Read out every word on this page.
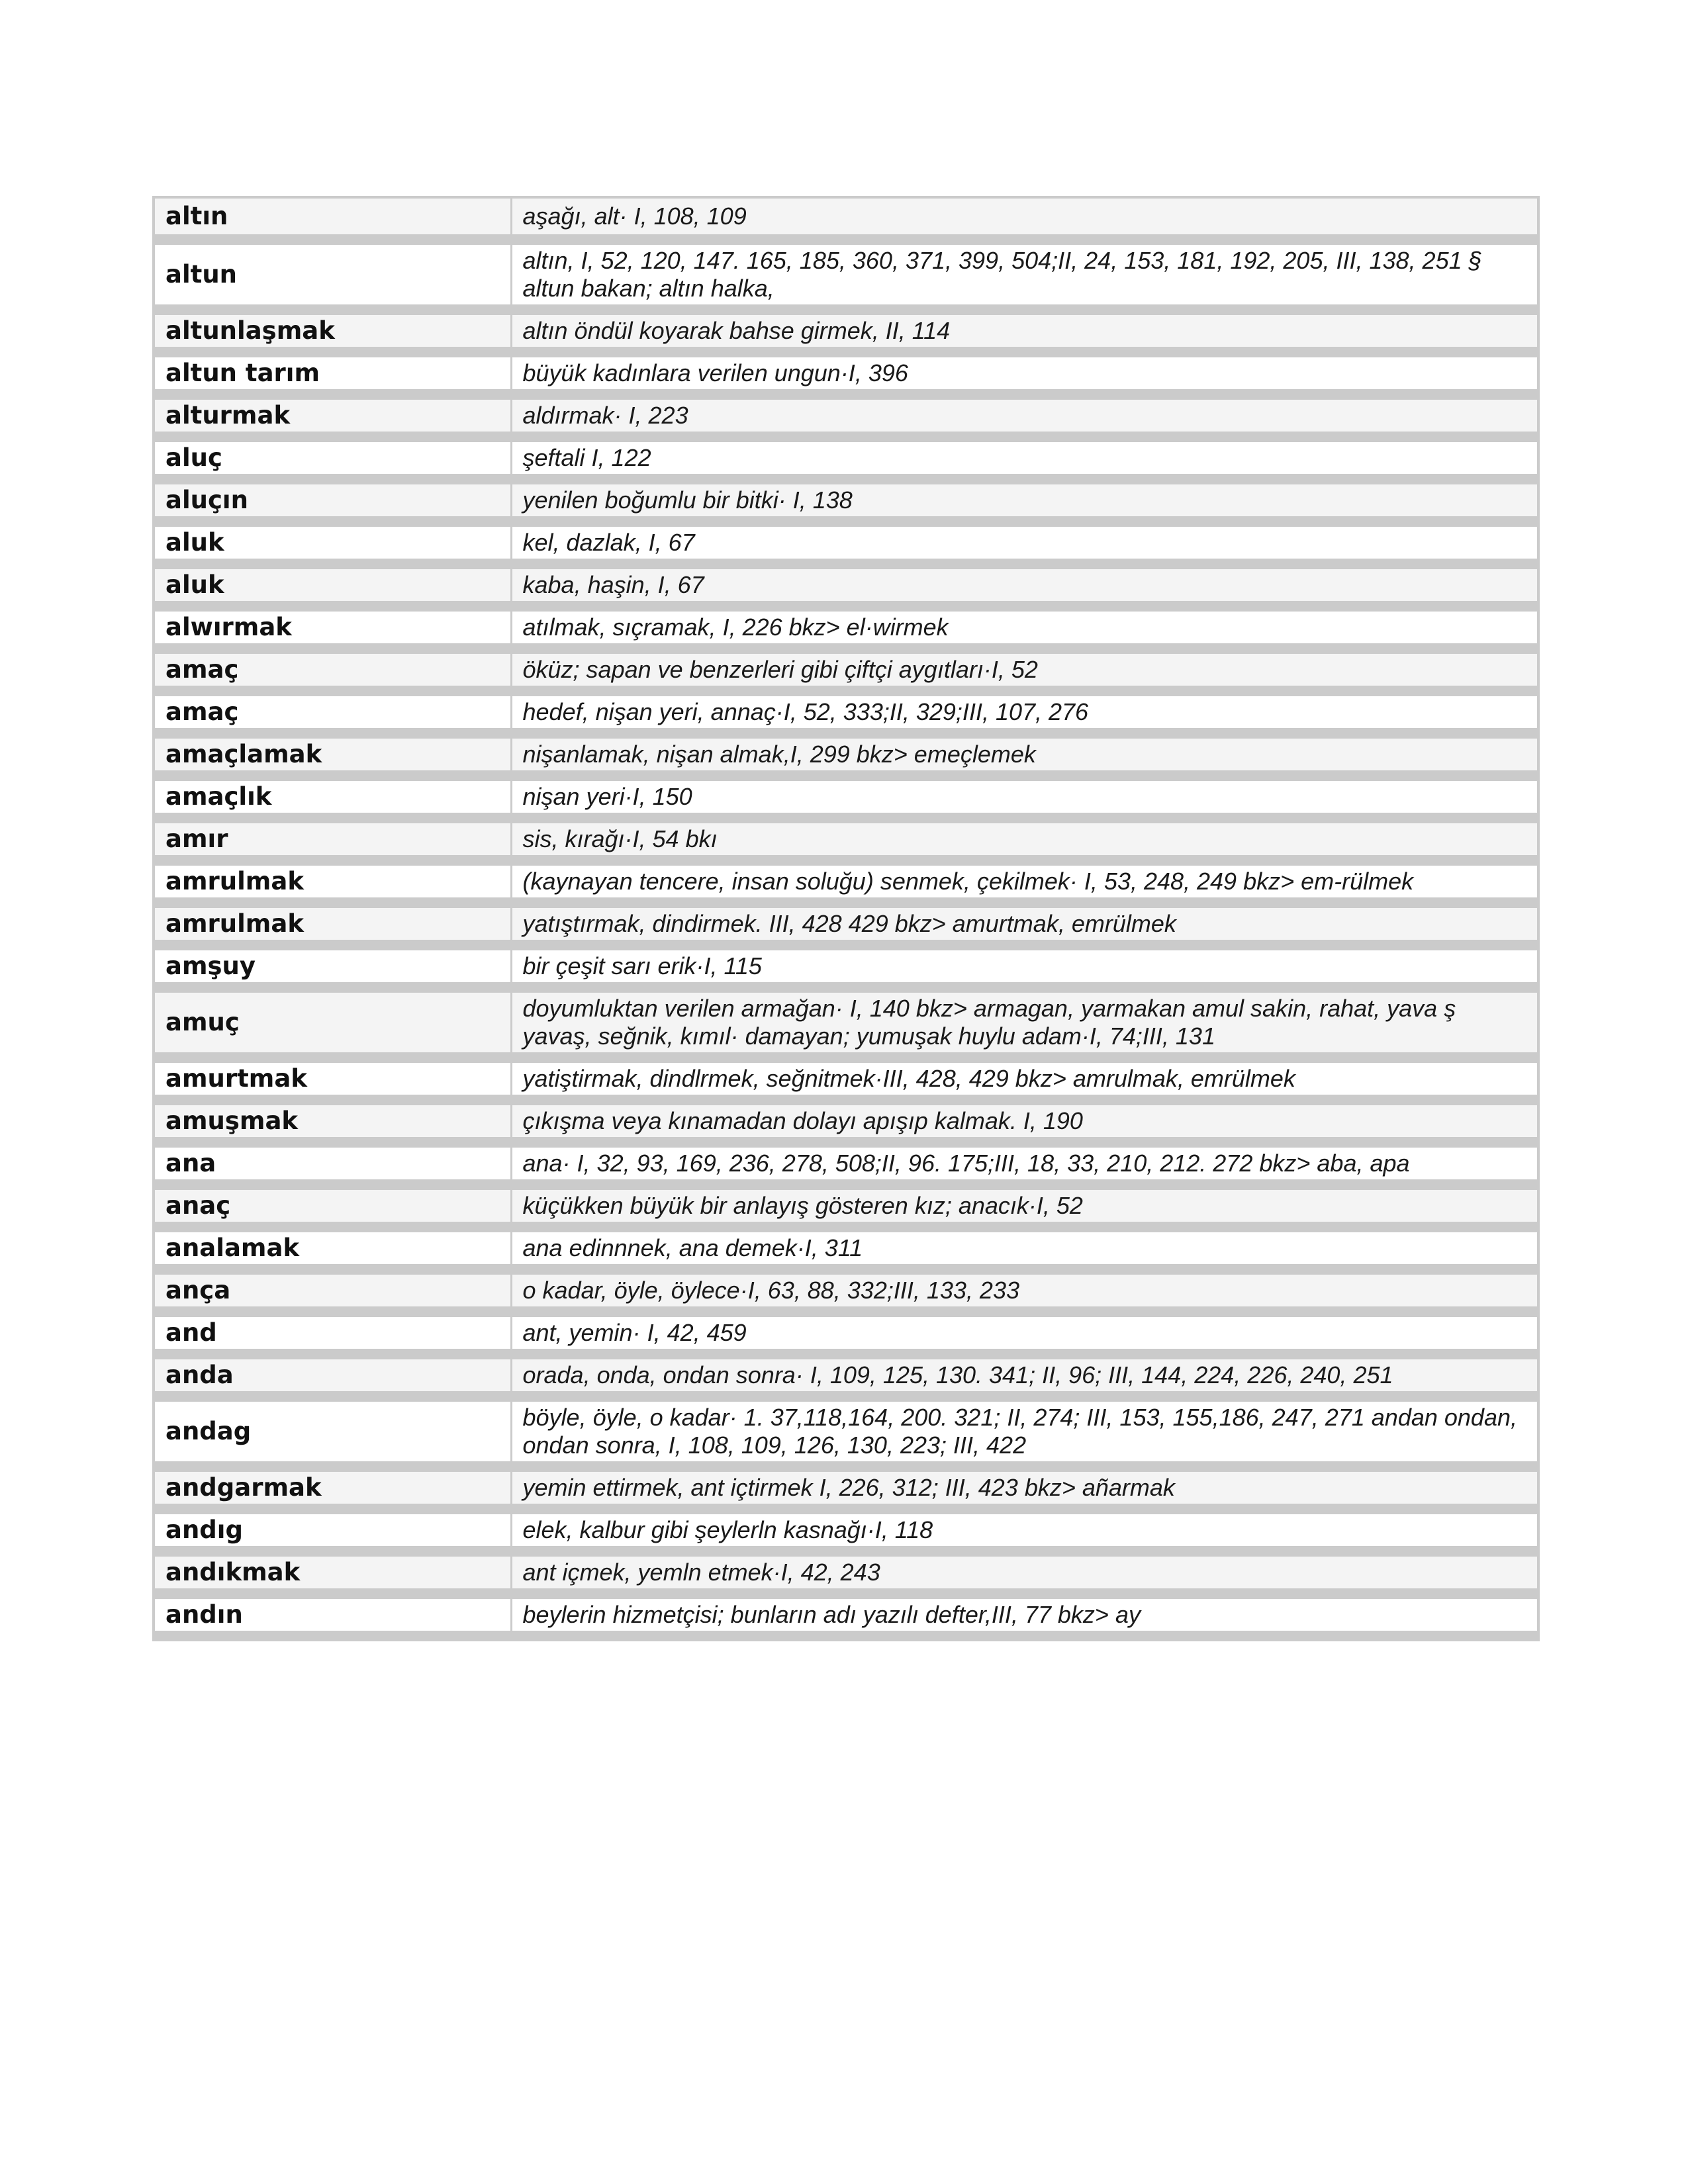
altın	aşağı, alt· I, 108, 109
altun	altın, I, 52, 120, 147. 165, 185, 360, 371, 399, 504;II, 24, 153, 181, 192, 205, III, 138, 251 § altun bakan; altın halka,
altunlaşmak	altın öndül koyarak bahse girmek, II, 114
altun tarım	büyük kadınlara verilen ungun·I, 396
alturmak	aldırmak· I, 223
aluç	şeftali I, 122
aluçın	yenilen boğumlu bir bitki· I, 138
aluk	kel, dazlak, I, 67
aluk	kaba, haşin, I, 67
alwırmak	atılmak, sıçramak, I, 226 bkz> el·wirmek
amaç	öküz; sapan ve benzerleri gibi çiftçi aygıtları·I, 52
amaç	hedef, nişan yeri, annaç·I, 52, 333;II, 329;III, 107, 276
amaçlamak	nişanlamak, nişan almak,I, 299 bkz> emeçlemek
amaçlık	nişan yeri·I, 150
amır	sis, kırağı·I, 54 bkı
amrulmak	(kaynayan tencere, insan soluğu) senmek, çekilmek· I, 53, 248, 249 bkz> em-rülmek
amrulmak	yatıştırmak, dindirmek. III, 428 429 bkz> amurtmak, emrülmek
amşuy	bir çeşit sarı erik·I, 115
amuç	doyumluktan verilen armağan· I, 140 bkz> armagan, yarmakan amul sakin, rahat, yava ş yavaş, seğnik, kımıl· damayan; yumuşak huylu adam·I, 74;III, 131
amurtmak	yatiştirmak, dindlrmek, seğnitmek·III, 428, 429 bkz> amrulmak, emrülmek
amuşmak	çıkışma veya kınamadan dolayı apışıp kalmak. I, 190
ana	ana· I, 32, 93, 169, 236, 278, 508;II, 96. 175;III, 18, 33, 210, 212. 272 bkz> aba, apa
anaç	küçükken büyük bir anlayış gösteren kız; anacık·I, 52
analamak	ana edinnnek, ana demek·I, 311
ança	o kadar, öyle, öylece·I, 63, 88, 332;III, 133, 233
and	ant, yemin· I, 42, 459
anda	orada, onda, ondan sonra· I, 109, 125, 130. 341; II, 96; III, 144, 224, 226, 240, 251
andag	böyle, öyle, o kadar· 1. 37,118,164, 200. 321; II, 274; III, 153, 155,186, 247, 271 andan ondan, ondan sonra, I, 108, 109, 126, 130, 223; III, 422
andgarmak	yemin ettirmek, ant içtirmek I, 226, 312; III, 423 bkz> añarmak
andıg	elek, kalbur gibi şeylerln kasnağı·I, 118
andıkmak	ant içmek, yemln etmek·I, 42, 243
andın	beylerin hizmetçisi; bunların adı yazılı defter,III, 77 bkz> ay
